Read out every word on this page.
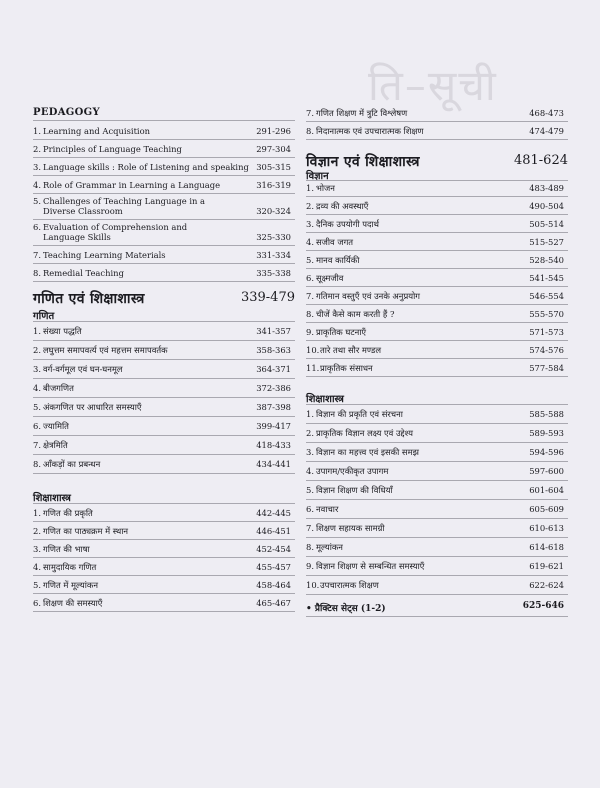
ति–सूची
PEDAGOGY
1. Learning and Acquisition	291-296
2. Principles of Language Teaching	297-304
3. Language skills : Role of Listening and speaking 305-315
4. Role of Grammar in Learning a Language	316-319
5. Challenges of Teaching Language in a Diverse Classroom	320-324
6. Evaluation of Comprehension and Language Skills	325-330
7. Teaching Learning Materials	331-334
8. Remedial Teaching	335-338
गणित एवं शिक्षाशास्त्र	339-479
गणित
1. संख्या पद्धति	341-357
2. लघुत्तम समापवर्त्य एवं महत्तम समापवर्तक	358-363
3. वर्ग-वर्गमूल एवं घन-घनमूल	364-371
4. बीजगणित	372-386
5. अंकगणित पर आधारित समस्याएँ	387-398
6. ज्यामिति	399-417
7. क्षेत्रमिति	418-433
8. आँकड़ों का प्रबन्धन	434-441
शिक्षाशास्त्र
1. गणित की प्रकृति	442-445
2. गणित का पाठ्यक्रम में स्थान	446-451
3. गणित की भाषा	452-454
4. सामुदायिक गणित	455-457
5. गणित में मूल्यांकन	458-464
6. शिक्षण की समस्याएँ	465-467
7. गणित शिक्षण में त्रुटि विश्लेषण	468-473
8. निदानात्मक एवं उपचारात्मक शिक्षण	474-479
विज्ञान एवं शिक्षाशास्त्र	481-624
विज्ञान
1. भोजन	483-489
2. द्रव्य की अवस्थाएँ	490-504
3. दैनिक उपयोगी पदार्थ	505-514
4. सजीव जगत	515-527
5. मानव कार्यिकी	528-540
6. सूक्ष्मजीव	541-545
7. गतिमान वस्तुएँ एवं उनके अनुप्रयोग	546-554
8. चीजें कैसे काम करती हैं ?	555-570
9. प्राकृतिक घटनाएँ	571-573
10. तारे तथा सौर मण्डल	574-576
11. प्राकृतिक संसाधन	577-584
शिक्षाशास्त्र
1. विज्ञान की प्रकृति एवं संरचना	585-588
2. प्राकृतिक विज्ञान लक्ष्य एवं उद्देश्य	589-593
3. विज्ञान का महत्त्व एवं इसकी समझ	594-596
4. उपागम/एकीकृत उपागम	597-600
5. विज्ञान शिक्षण की विधियाँ	601-604
6. नवाचार	605-609
7. शिक्षण सहायक सामग्री	610-613
8. मूल्यांकन	614-618
9. विज्ञान शिक्षण से सम्बन्धित समस्याएँ	619-621
10. उपचारात्मक शिक्षण	622-624
• प्रैक्टिस सेट्स (1-2)	625-646
